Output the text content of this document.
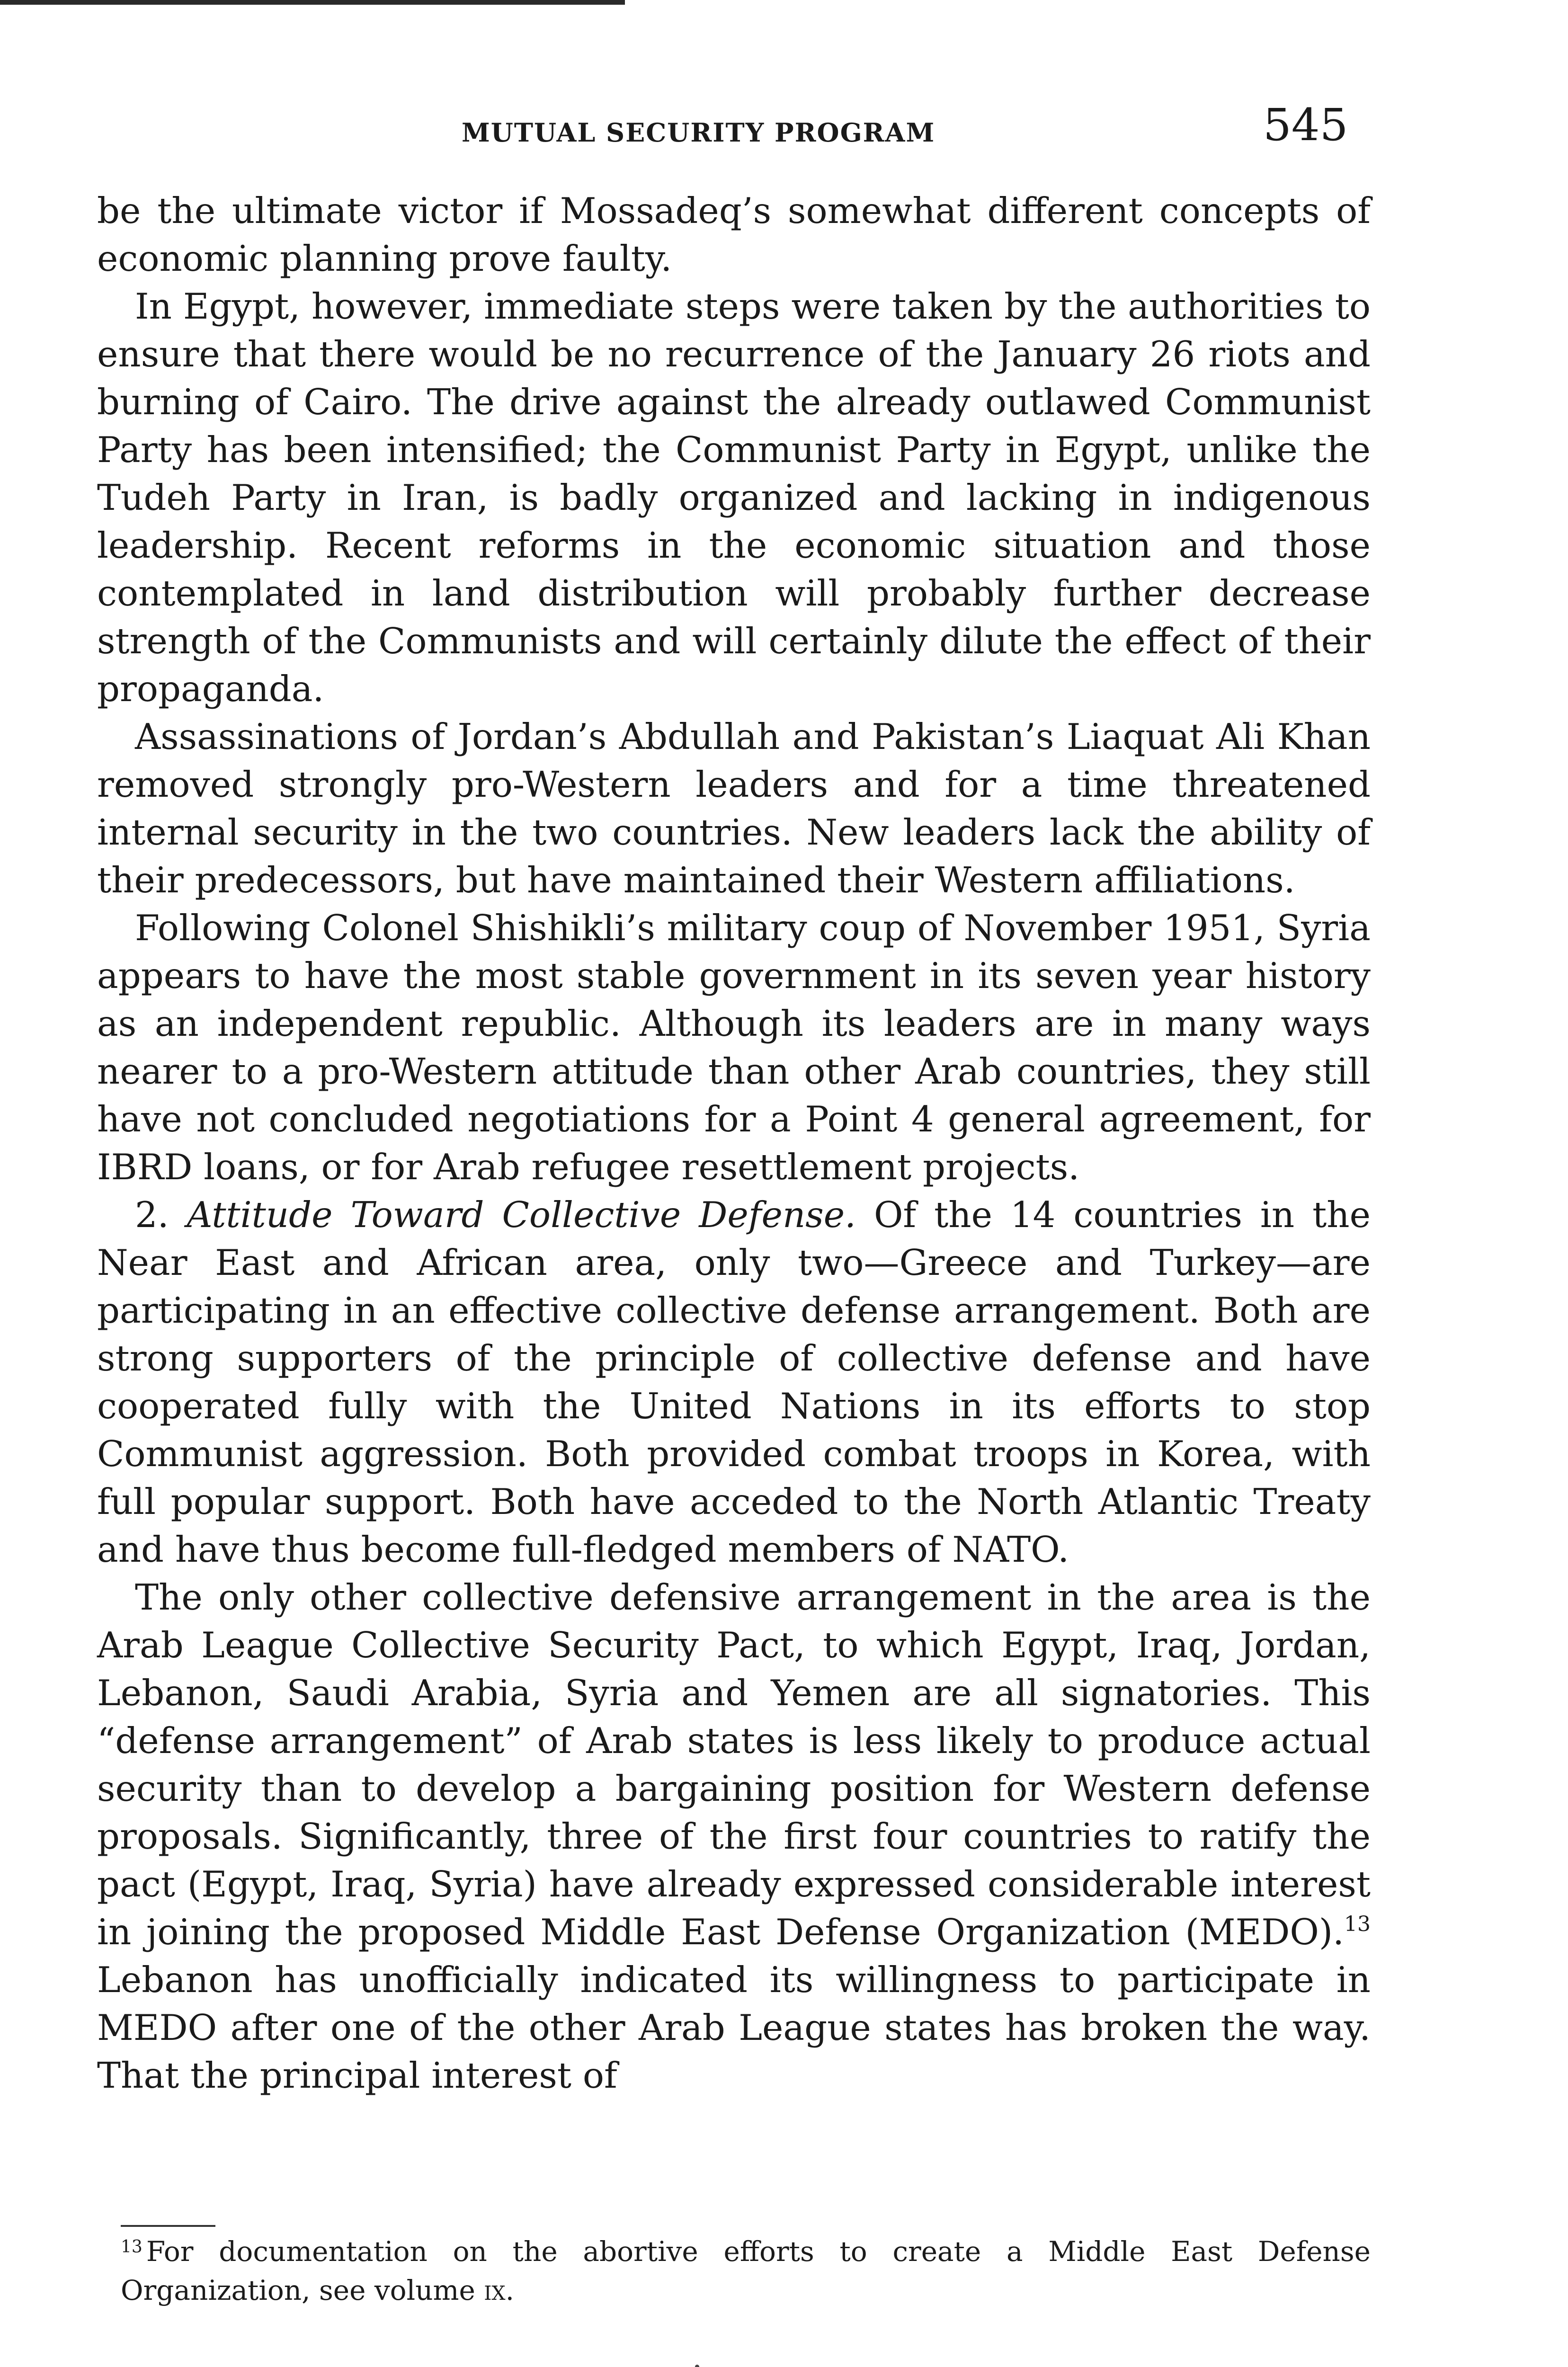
MUTUAL SECURITY PROGRAM	545

be the ultimate victor if Mossadeq’s somewhat different concepts of economic planning prove faulty.

In Egypt, however, immediate steps were taken by the authorities to ensure that there would be no recurrence of the January 26 riots and burning of Cairo. The drive against the already outlawed Communist Party has been intensified; the Communist Party in Egypt, unlike the Tudeh Party in Iran, is badly organized and lacking in indigenous leadership. Recent reforms in the economic situation and those contemplated in land distribution will probably further decrease strength of the Communists and will certainly dilute the effect of their propaganda.

Assassinations of Jordan’s Abdullah and Pakistan’s Liaquat Ali Khan removed strongly pro-Western leaders and for a time threatened internal security in the two countries. New leaders lack the ability of their predecessors, but have maintained their Western affiliations.

Following Colonel Shishikli’s military coup of November 1951, Syria appears to have the most stable government in its seven year history as an independent republic. Although its leaders are in many ways nearer to a pro-Western attitude than other Arab countries, they still have not concluded negotiations for a Point 4 general agreement, for IBRD loans, or for Arab refugee resettlement projects.

2. Attitude Toward Collective Defense. Of the 14 countries in the Near East and African area, only two—Greece and Turkey—are participating in an effective collective defense arrangement. Both are strong supporters of the principle of collective defense and have cooperated fully with the United Nations in its efforts to stop Communist aggression. Both provided combat troops in Korea, with full popular support. Both have acceded to the North Atlantic Treaty and have thus become full-fledged members of NATO.

The only other collective defensive arrangement in the area is the Arab League Collective Security Pact, to which Egypt, Iraq, Jordan, Lebanon, Saudi Arabia, Syria and Yemen are all signatories. This “defense arrangement” of Arab states is less likely to produce actual security than to develop a bargaining position for Western defense proposals. Significantly, three of the first four countries to ratify the pact (Egypt, Iraq, Syria) have already expressed considerable interest in joining the proposed Middle East Defense Organization (MEDO).$^{13}$ Lebanon has unofficially indicated its willingness to participate in MEDO after one of the other Arab League states has broken the way. That the principal interest of

$^{13}$ For documentation on the abortive efforts to create a Middle East Defense Organization, see volume ix.
